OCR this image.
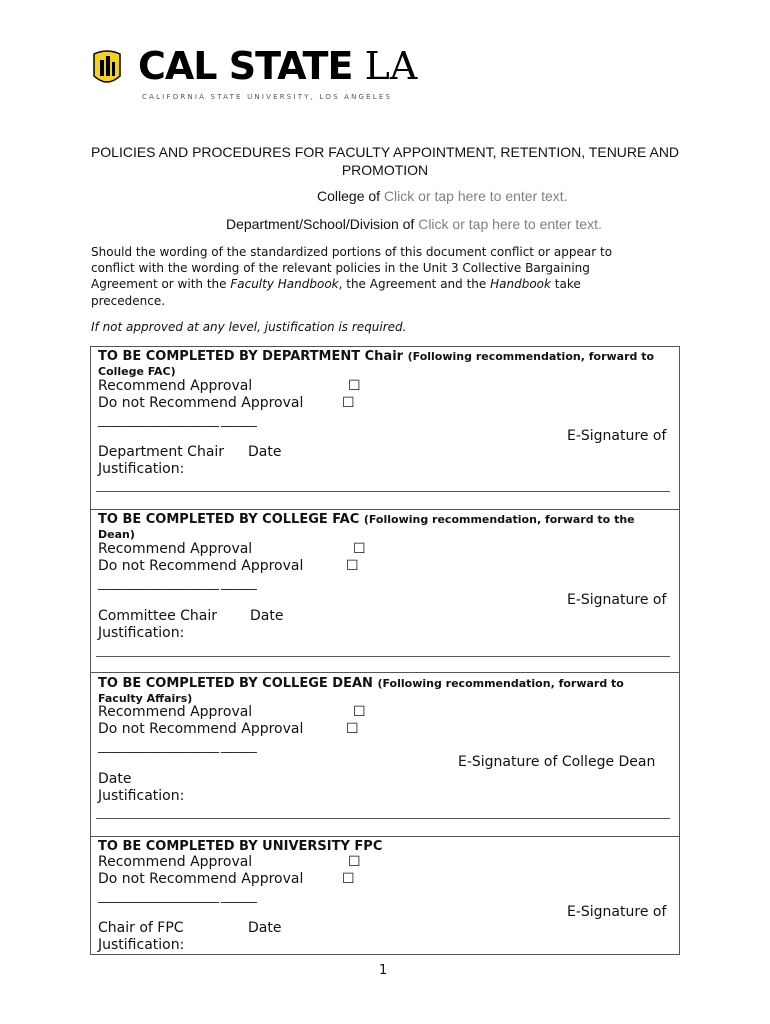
CAL STATE LA
CALIFORNIA STATE UNIVERSITY, LOS ANGELES
POLICIES AND PROCEDURES FOR FACULTY APPOINTMENT, RETENTION, TENURE AND PROMOTION
College of Click or tap here to enter text.
Department/School/Division of Click or tap here to enter text.
Should the wording of the standardized portions of this document conflict or appear to conflict with the wording of the relevant policies in the Unit 3 Collective Bargaining Agreement or with the Faculty Handbook, the Agreement and the Handbook take precedence.
If not approved at any level, justification is required.
TO BE COMPLETED BY DEPARTMENT Chair (Following recommendation, forward to College FAC)
Recommend Approval	☐
Do not Recommend Approval	☐
________________________ _______
E-Signature of
Department Chair Date
Justification:
TO BE COMPLETED BY COLLEGE FAC (Following recommendation, forward to the Dean)
Recommend Approval	☐
Do not Recommend Approval	☐
________________________ _______
E-Signature of
Committee Chair Date
Justification:
TO BE COMPLETED BY COLLEGE DEAN (Following recommendation, forward to Faculty Affairs)
Recommend Approval	☐
Do not Recommend Approval	☐
________________________ _______
E-Signature of College Dean
Date
Justification:
TO BE COMPLETED BY UNIVERSITY FPC
Recommend Approval	☐
Do not Recommend Approval	☐
________________________ _______
E-Signature of
Chair of FPC	Date
Justification:
1
